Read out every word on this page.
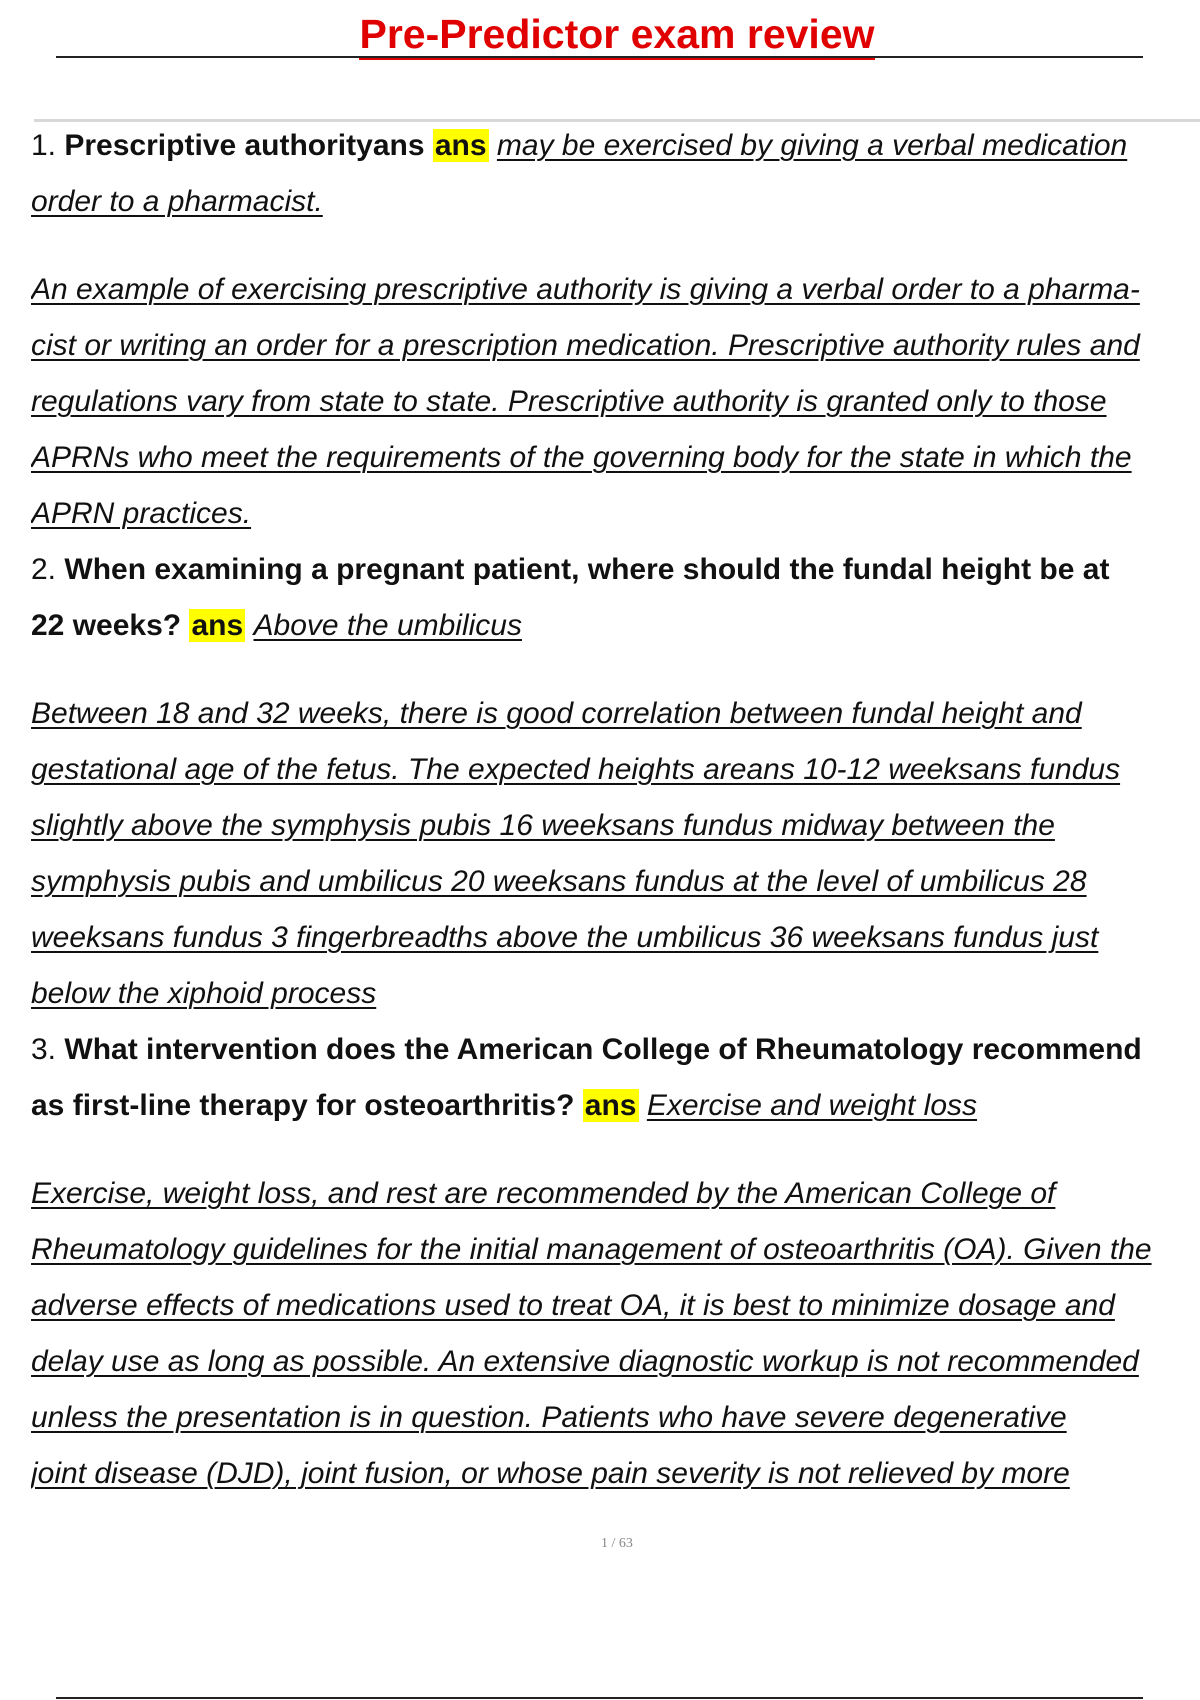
Pre-Predictor exam review
1. Prescriptive authorityans ans may be exercised by giving a verbal medication
order to a pharmacist.
An example of exercising prescriptive authority is giving a verbal order to a pharma-
cist or writing an order for a prescription medication. Prescriptive authority rules and
regulations vary from state to state. Prescriptive authority is granted only to those
APRNs who meet the requirements of the governing body for the state in which the
APRN practices.
2. When examining a pregnant patient, where should the fundal height be at
22 weeks? ans Above the umbilicus
Between 18 and 32 weeks, there is good correlation between fundal height and
gestational age of the fetus. The expected heights areans 10-12 weeksans fundus
slightly above the symphysis pubis 16 weeksans fundus midway between the
symphysis pubis and umbilicus 20 weeksans fundus at the level of umbilicus 28
weeksans fundus 3 fingerbreadths above the umbilicus 36 weeksans fundus just
below the xiphoid process
3. What intervention does the American College of Rheumatology recommend
as first-line therapy for osteoarthritis? ans Exercise and weight loss
Exercise, weight loss, and rest are recommended by the American College of
Rheumatology guidelines for the initial management of osteoarthritis (OA). Given the
adverse effects of medications used to treat OA, it is best to minimize dosage and
delay use as long as possible. An extensive diagnostic workup is not recommended
unless the presentation is in question. Patients who have severe degenerative
joint disease (DJD), joint fusion, or whose pain severity is not relieved by more
1 / 63
